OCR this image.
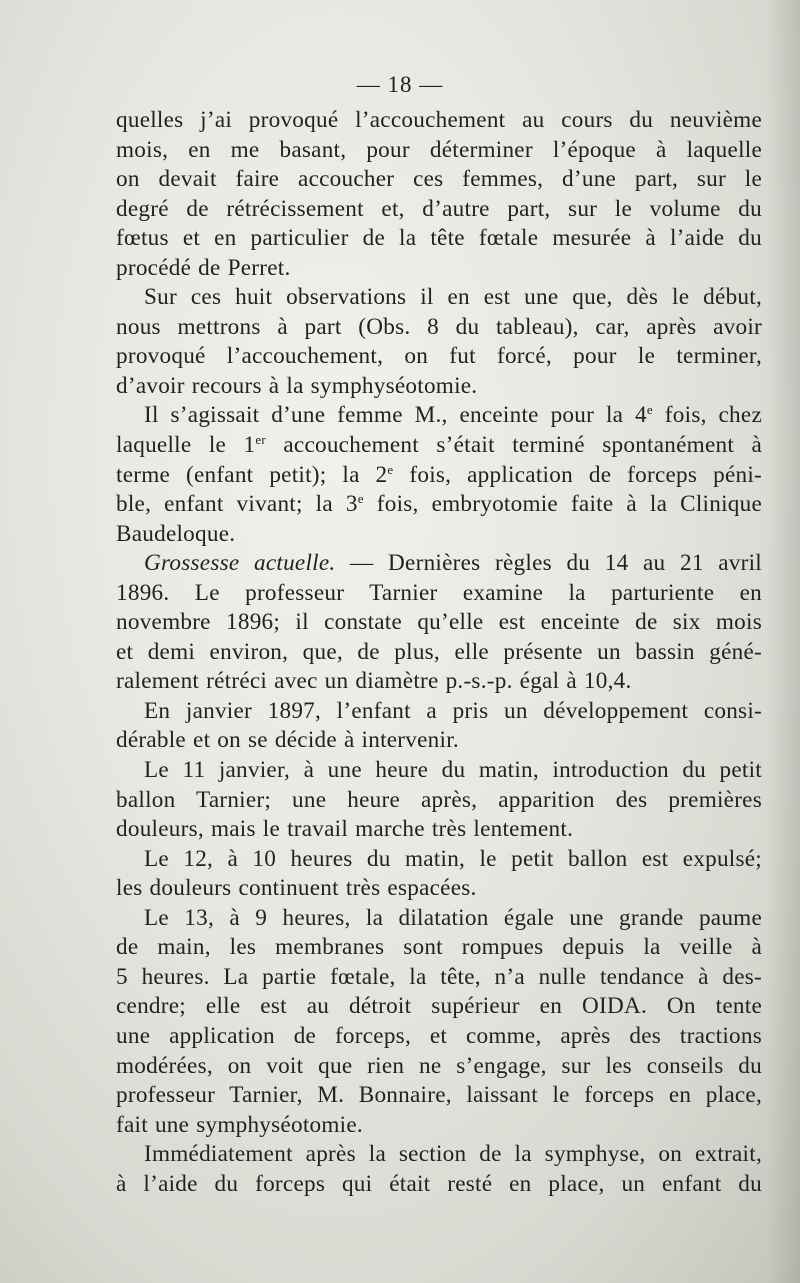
— 18 —
quelles j’ai provoqué l’accouchement au cours du neuvième
mois, en me basant, pour déterminer l’époque à laquelle
on devait faire accoucher ces femmes, d’une part, sur le
degré de rétrécissement et, d’autre part, sur le volume du
fœtus et en particulier de la tête fœtale mesurée à l’aide du
procédé de Perret.
Sur ces huit observations il en est une que, dès le début,
nous mettrons à part (Obs. 8 du tableau), car, après avoir
provoqué l’accouchement, on fut forcé, pour le terminer,
d’avoir recours à la symphyséotomie.
Il s’agissait d’une femme M., enceinte pour la 4e fois, chez
laquelle le 1er accouchement s’était terminé spontanément à
terme (enfant petit); la 2e fois, application de forceps péni-
ble, enfant vivant; la 3e fois, embryotomie faite à la Clinique
Baudeloque.
Grossesse actuelle. — Dernières règles du 14 au 21 avril
1896. Le professeur Tarnier examine la parturiente en
novembre 1896; il constate qu’elle est enceinte de six mois
et demi environ, que, de plus, elle présente un bassin géné-
ralement rétréci avec un diamètre p.-s.-p. égal à 10,4.
En janvier 1897, l’enfant a pris un développement consi-
dérable et on se décide à intervenir.
Le 11 janvier, à une heure du matin, introduction du petit
ballon Tarnier; une heure après, apparition des premières
douleurs, mais le travail marche très lentement.
Le 12, à 10 heures du matin, le petit ballon est expulsé;
les douleurs continuent très espacées.
Le 13, à 9 heures, la dilatation égale une grande paume
de main, les membranes sont rompues depuis la veille à
5 heures. La partie fœtale, la tête, n’a nulle tendance à des-
cendre; elle est au détroit supérieur en OIDA. On tente
une application de forceps, et comme, après des tractions
modérées, on voit que rien ne s’engage, sur les conseils du
professeur Tarnier, M. Bonnaire, laissant le forceps en place,
fait une symphyséotomie.
Immédiatement après la section de la symphyse, on extrait,
à l’aide du forceps qui était resté en place, un enfant du
